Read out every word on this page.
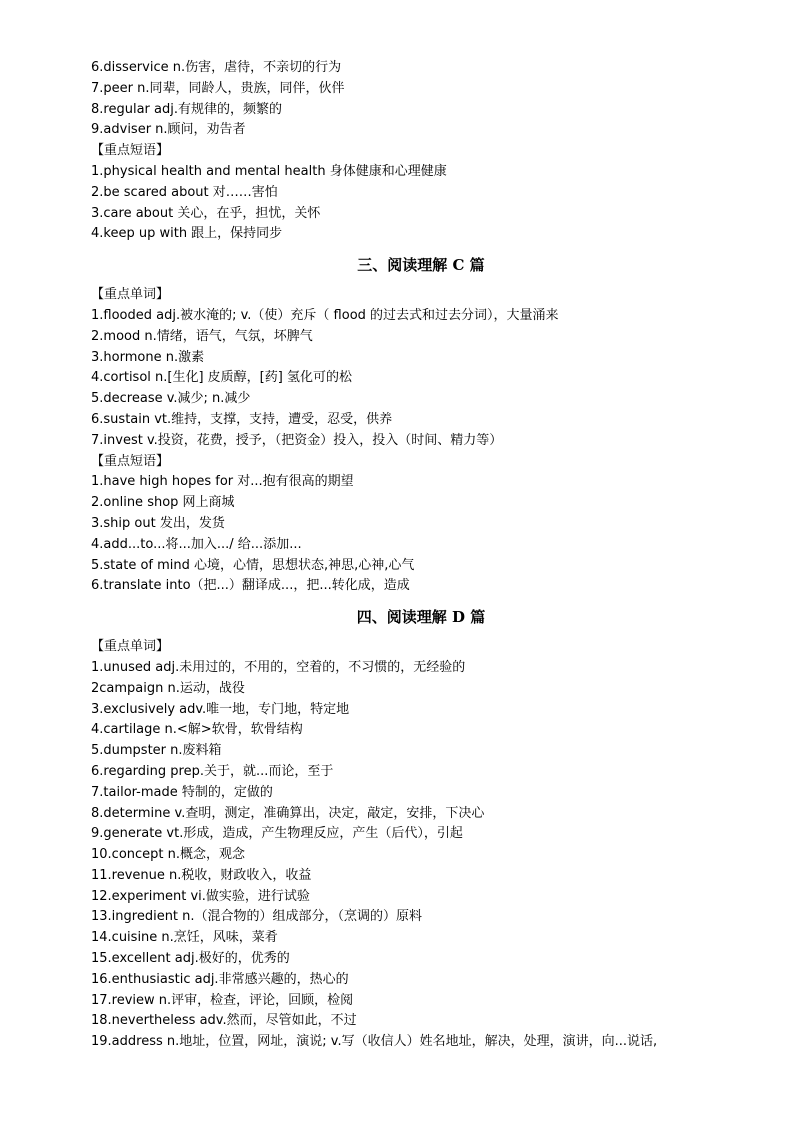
6.disservice n.伤害，虐待，不亲切的行为
7.peer n.同辈，同龄人，贵族，同伴，伙伴
8.regular adj.有规律的，频繁的
9.adviser n.顾问，劝告者
【重点短语】
1.physical health and mental health 身体健康和心理健康
2.be scared about 对……害怕
3.care about 关心，在乎，担忧，关怀
4.keep up with 跟上，保持同步
三、阅读理解 C 篇
【重点单词】
1.flooded adj.被水淹的; v.（使）充斥（ flood 的过去式和过去分词），大量涌来
2.mood n.情绪，语气，气氛，坏脾气
3.hormone n.激素
4.cortisol n.[生化] 皮质醇，[药] 氢化可的松
5.decrease v.减少; n.减少
6.sustain vt.维持，支撑，支持，遭受，忍受，供养
7.invest v.投资，花费，授予，（把资金）投入，投入（时间、精力等）
【重点短语】
1.have high hopes for 对...抱有很高的期望
2.online shop 网上商城
3.ship out 发出，发货
4.add...to...将...加入.../ 给...添加...
5.state of mind 心境，心情，思想状态,神思,心神,心气
6.translate into（把...）翻译成...，把...转化成，造成
四、阅读理解 D 篇
【重点单词】
1.unused adj.未用过的，不用的，空着的，不习惯的，无经验的
2campaign n.运动，战役
3.exclusively adv.唯一地，专门地，特定地
4.cartilage n.<解>软骨，软骨结构
5.dumpster n.废料箱
6.regarding prep.关于，就...而论，至于
7.tailor-made 特制的，定做的
8.determine v.查明，测定，准确算出，决定，敲定，安排，下决心
9.generate vt.形成，造成，产生物理反应，产生（后代），引起
10.concept n.概念，观念
11.revenue n.税收，财政收入，收益
12.experiment vi.做实验，进行试验
13.ingredient n.（混合物的）组成部分，（烹调的）原料
14.cuisine n.烹饪，风味，菜肴
15.excellent adj.极好的，优秀的
16.enthusiastic adj.非常感兴趣的，热心的
17.review n.评审，检查，评论，回顾，检阅
18.nevertheless adv.然而，尽管如此，不过
19.address n.地址，位置，网址，演说; v.写（收信人）姓名地址，解决，处理，演讲，向...说话,
